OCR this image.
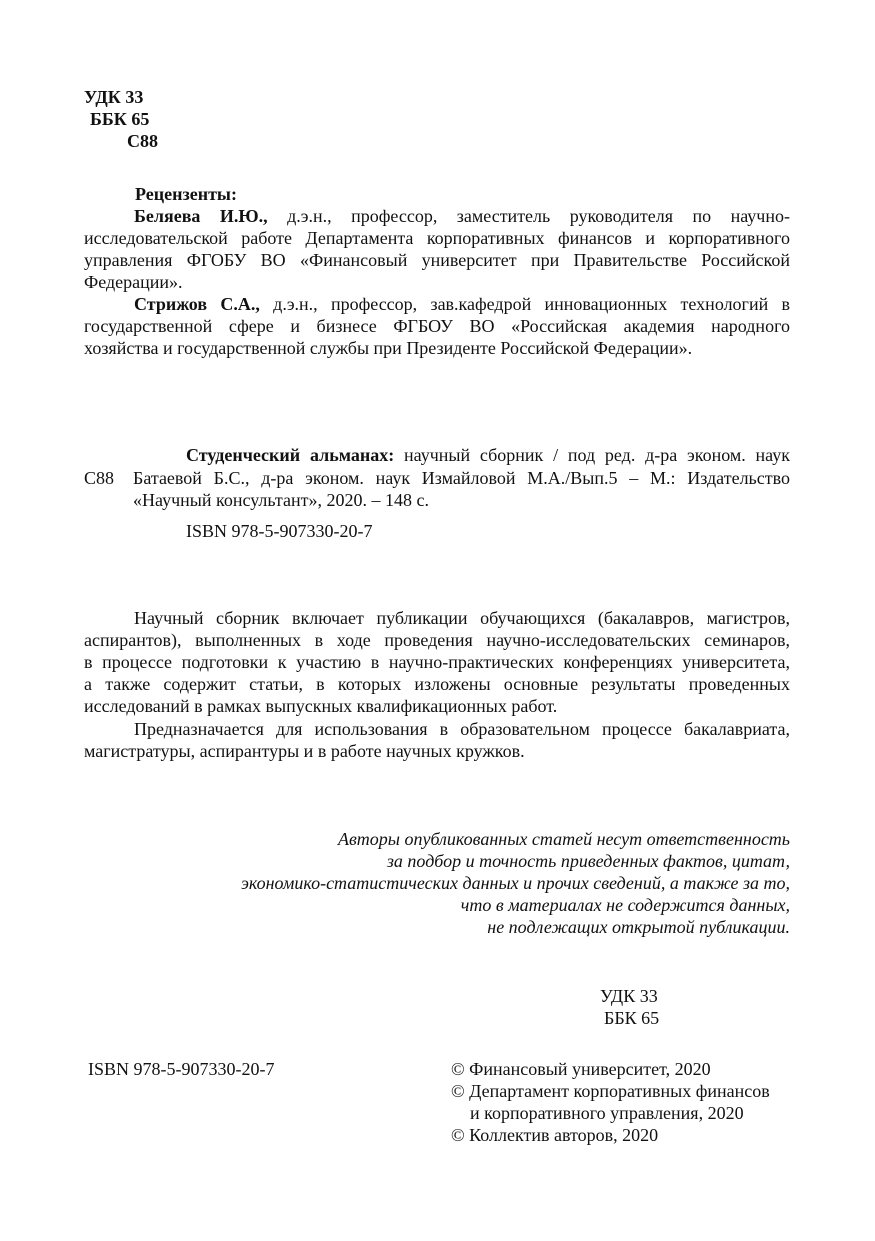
УДК 33
ББК 65
С88
Рецензенты:
Беляева И.Ю., д.э.н., профессор, заместитель руководителя по научно-
исследовательской работе Департамента корпоративных финансов и корпоративного
управления ФГОБУ ВО «Финансовый университет при Правительстве Российской
Федерации».
Стрижов С.А., д.э.н., профессор, зав.кафедрой инновационных технологий в
государственной сфере и бизнесе ФГБОУ ВО «Российская академия народного
хозяйства и государственной службы при Президенте Российской Федерации».
Студенческий альманах: научный сборник / под ред. д-ра эконом. наук
С88 Батаевой Б.С., д-ра эконом. наук Измайловой М.А./Вып.5 – М.: Издательство
«Научный консультант», 2020. – 148 с.
ISBN 978-5-907330-20-7
Научный сборник включает публикации обучающихся (бакалавров, магистров,
аспирантов), выполненных в ходе проведения научно-исследовательских семинаров,
в процессе подготовки к участию в научно-практических конференциях университета,
а также содержит статьи, в которых изложены основные результаты проведенных
исследований в рамках выпускных квалификационных работ.
Предназначается для использования в образовательном процессе бакалавриата,
магистратуры, аспирантуры и в работе научных кружков.
Авторы опубликованных статей несут ответственность
за подбор и точность приведенных фактов, цитат,
экономико-статистических данных и прочих сведений, а также за то,
что в материалах не содержится данных,
не подлежащих открытой публикации.
УДК 33
ББК 65
ISBN 978-5-907330-20-7	© Финансовый университет, 2020
© Департамент корпоративных финансов
и корпоративного управления, 2020
© Коллектив авторов, 2020
